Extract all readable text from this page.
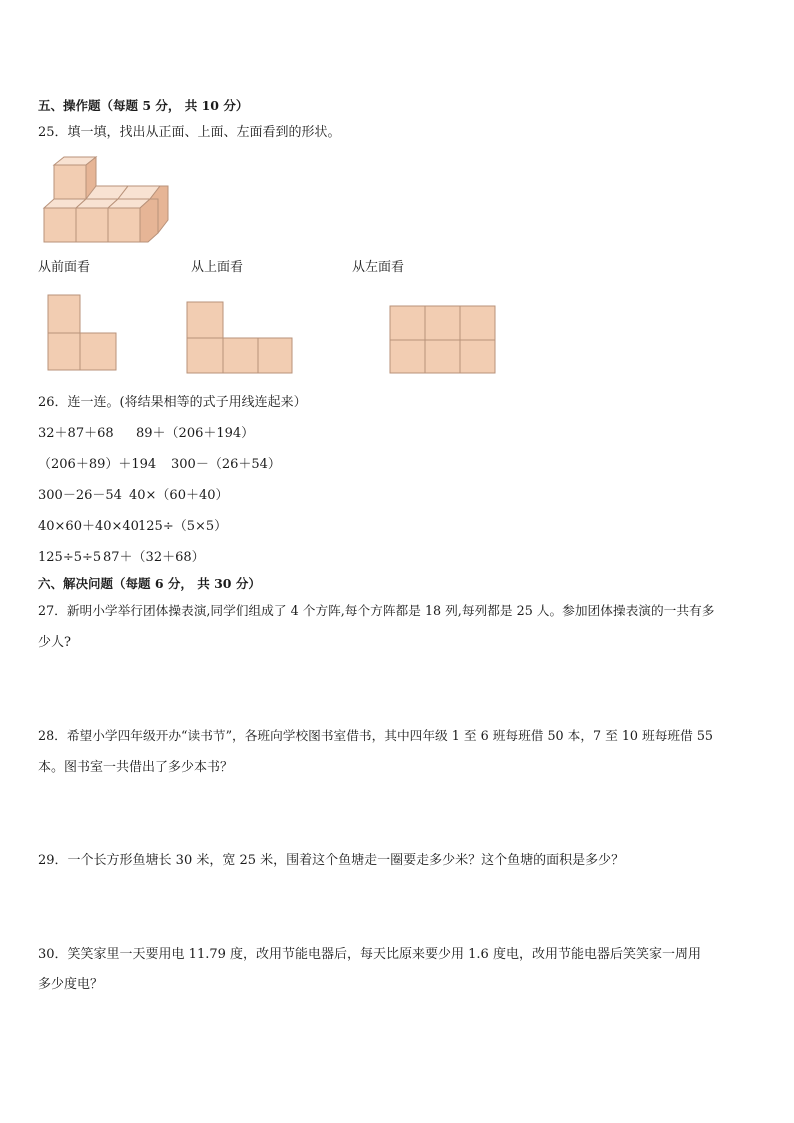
五、操作题（每题 5 分， 共 10 分）
25．填一填，找出从正面、上面、左面看到的形状。
从前面看	从上面看	从左面看
26．连一连。(将结果相等的式子用线连起来）
32＋87＋68 89＋（206＋194）
（206＋89）＋194 300－（26＋54）
300－26－54 40×（60＋40）
40×60＋40×40 125÷（5×5）
125÷5÷5 87＋（32＋68）
六、解决问题（每题 6 分， 共 30 分）
27．新明小学举行团体操表演,同学们组成了 4 个方阵,每个方阵都是 18 列,每列都是 25 人。参加团体操表演的一共有多
少人?
28．希望小学四年级开办“读书节”，各班向学校图书室借书，其中四年级 1 至 6 班每班借 50 本，7 至 10 班每班借 55
本。图书室一共借出了多少本书？
29．一个长方形鱼塘长 30 米，宽 25 米，围着这个鱼塘走一圈要走多少米？这个鱼塘的面积是多少？
30．笑笑家里一天要用电 11.79 度，改用节能电器后，每天比原来要少用 1.6 度电，改用节能电器后笑笑家一周用
多少度电？
